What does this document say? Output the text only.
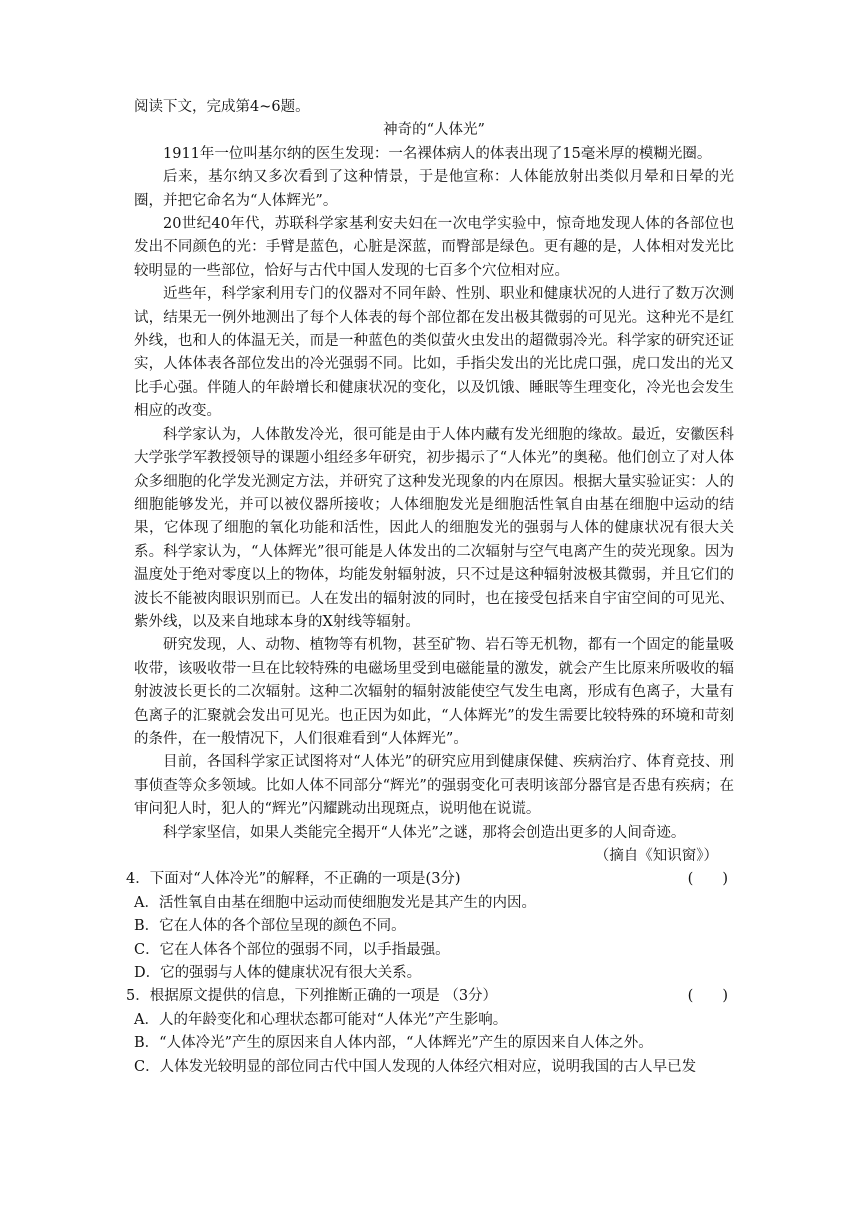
阅读下文，完成第4~6题。

神奇的“人体光”

1911年一位叫基尔纳的医生发现：一名裸体病人的体表出现了15毫米厚的模糊光圈。

后来，基尔纳又多次看到了这种情景，于是他宣称：人体能放射出类似月晕和日晕的光圈，并把它命名为“人体辉光”。

20世纪40年代，苏联科学家基利安夫妇在一次电学实验中，惊奇地发现人体的各部位也发出不同颜色的光：手臂是蓝色，心脏是深蓝，而臀部是绿色。更有趣的是，人体相对发光比较明显的一些部位，恰好与古代中国人发现的七百多个穴位相对应。

近些年，科学家利用专门的仪器对不同年龄、性别、职业和健康状况的人进行了数万次测试，结果无一例外地测出了每个人体表的每个部位都在发出极其微弱的可见光。这种光不是红外线，也和人的体温无关，而是一种蓝色的类似萤火虫发出的超微弱冷光。科学家的研究还证实，人体体表各部位发出的冷光强弱不同。比如，手指尖发出的光比虎口强，虎口发出的光又比手心强。伴随人的年龄增长和健康状况的变化，以及饥饿、睡眠等生理变化，冷光也会发生相应的改变。

科学家认为，人体散发冷光，很可能是由于人体内藏有发光细胞的缘故。最近，安徽医科大学张学军教授领导的课题小组经多年研究，初步揭示了“人体光”的奥秘。他们创立了对人体众多细胞的化学发光测定方法，并研究了这种发光现象的内在原因。根据大量实验证实：人的细胞能够发光，并可以被仪器所接收；人体细胞发光是细胞活性氧自由基在细胞中运动的结果，它体现了细胞的氧化功能和活性，因此人的细胞发光的强弱与人体的健康状况有很大关系。科学家认为，“人体辉光”很可能是人体发出的二次辐射与空气电离产生的荧光现象。因为温度处于绝对零度以上的物体，均能发射辐射波，只不过是这种辐射波极其微弱，并且它们的波长不能被肉眼识别而已。人在发出的辐射波的同时，也在接受包括来自宇宙空间的可见光、紫外线，以及来自地球本身的X射线等辐射。

研究发现，人、动物、植物等有机物，甚至矿物、岩石等无机物，都有一个固定的能量吸收带，该吸收带一旦在比较特殊的电磁场里受到电磁能量的激发，就会产生比原来所吸收的辐射波波长更长的二次辐射。这种二次辐射的辐射波能使空气发生电离，形成有色离子，大量有色离子的汇聚就会发出可见光。也正因为如此，“人体辉光”的发生需要比较特殊的环境和苛刻的条件，在一般情况下，人们很难看到“人体辉光”。

目前，各国科学家正试图将对“人体光”的研究应用到健康保健、疾病治疗、体育竞技、刑事侦查等众多领域。比如人体不同部分“辉光”的强弱变化可表明该部分器官是否患有疾病；在审问犯人时，犯人的“辉光”闪耀跳动出现斑点，说明他在说谎。

科学家坚信，如果人类能完全揭开“人体光”之谜，那将会创造出更多的人间奇迹。

（摘自《知识窗》）

4．下面对“人体冷光”的解释，不正确的一项是(3分)	(　　)

A．活性氧自由基在细胞中运动而使细胞发光是其产生的内因。

B．它在人体的各个部位呈现的颜色不同。

C．它在人体各个部位的强弱不同，以手指最强。

D．它的强弱与人体的健康状况有很大关系。

5．根据原文提供的信息，下列推断正确的一项是 （3分）	(　　)

A．人的年龄变化和心理状态都可能对“人体光”产生影响。

B．“人体冷光”产生的原因来自人体内部，“人体辉光”产生的原因来自人体之外。

C．人体发光较明显的部位同古代中国人发现的人体经穴相对应，说明我国的古人早已发
